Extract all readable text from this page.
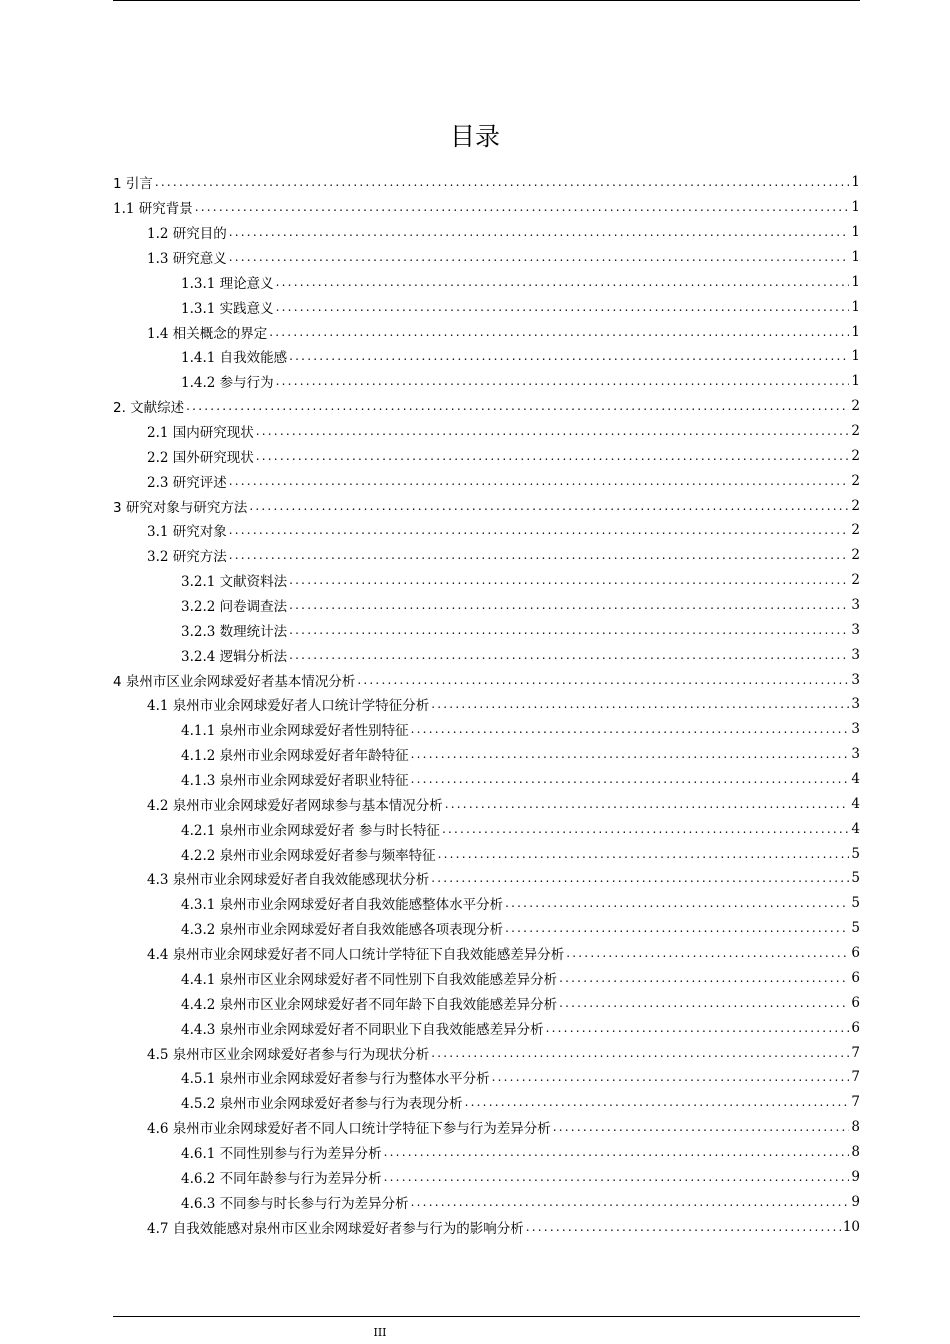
目录
1 引言 .....	1
1.1 研究背景 .....	1
1.2 研究目的 .....	1
1.3 研究意义 .....	1
1.3.1 理论意义 .....	1
1.3.1 实践意义 .....	1
1.4 相关概念的界定 .....	1
1.4.1 自我效能感 .....	1
1.4.2 参与行为 .....	1
2. 文献综述 .....	2
2.1 国内研究现状 .....	2
2.2 国外研究现状 .....	2
2.3 研究评述 .....	2
3 研究对象与研究方法 .....	2
3.1 研究对象 .....	2
3.2 研究方法 .....	2
3.2.1 文献资料法 .....	2
3.2.2 问卷调查法 .....	3
3.2.3 数理统计法 .....	3
3.2.4 逻辑分析法 .....	3
4 泉州市区业余网球爱好者基本情况分析 .....	3
4.1 泉州市业余网球爱好者人口统计学特征分析 .....	3
4.1.1 泉州市业余网球爱好者性别特征 .....	3
4.1.2 泉州市业余网球爱好者年龄特征 .....	3
4.1.3 泉州市业余网球爱好者职业特征 .....	4
4.2 泉州市业余网球爱好者网球参与基本情况分析 .....	4
4.2.1 泉州市业余网球爱好者 参与时长特征 .....	4
4.2.2 泉州市业余网球爱好者参与频率特征 .....	5
4.3 泉州市业余网球爱好者自我效能感现状分析 .....	5
4.3.1 泉州市业余网球爱好者自我效能感整体水平分析 .....	5
4.3.2 泉州市业余网球爱好者自我效能感各项表现分析 .....	5
4.4 泉州市业余网球爱好者不同人口统计学特征下自我效能感差异分析 .....	6
4.4.1 泉州市区业余网球爱好者不同性别下自我效能感差异分析 .....	6
4.4.2 泉州市区业余网球爱好者不同年龄下自我效能感差异分析 .....	6
4.4.3 泉州市业余网球爱好者不同职业下自我效能感差异分析 .....	6
4.5 泉州市区业余网球爱好者参与行为现状分析 .....	7
4.5.1 泉州市业余网球爱好者参与行为整体水平分析 .....	7
4.5.2 泉州市业余网球爱好者参与行为表现分析 .....	7
4.6 泉州市业余网球爱好者不同人口统计学特征下参与行为差异分析 .....	8
4.6.1 不同性别参与行为差异分析 .....	8
4.6.2 不同年龄参与行为差异分析 .....	9
4.6.3 不同参与时长参与行为差异分析 .....	9
4.7 自我效能感对泉州市区业余网球爱好者参与行为的影响分析 .....	10
III
